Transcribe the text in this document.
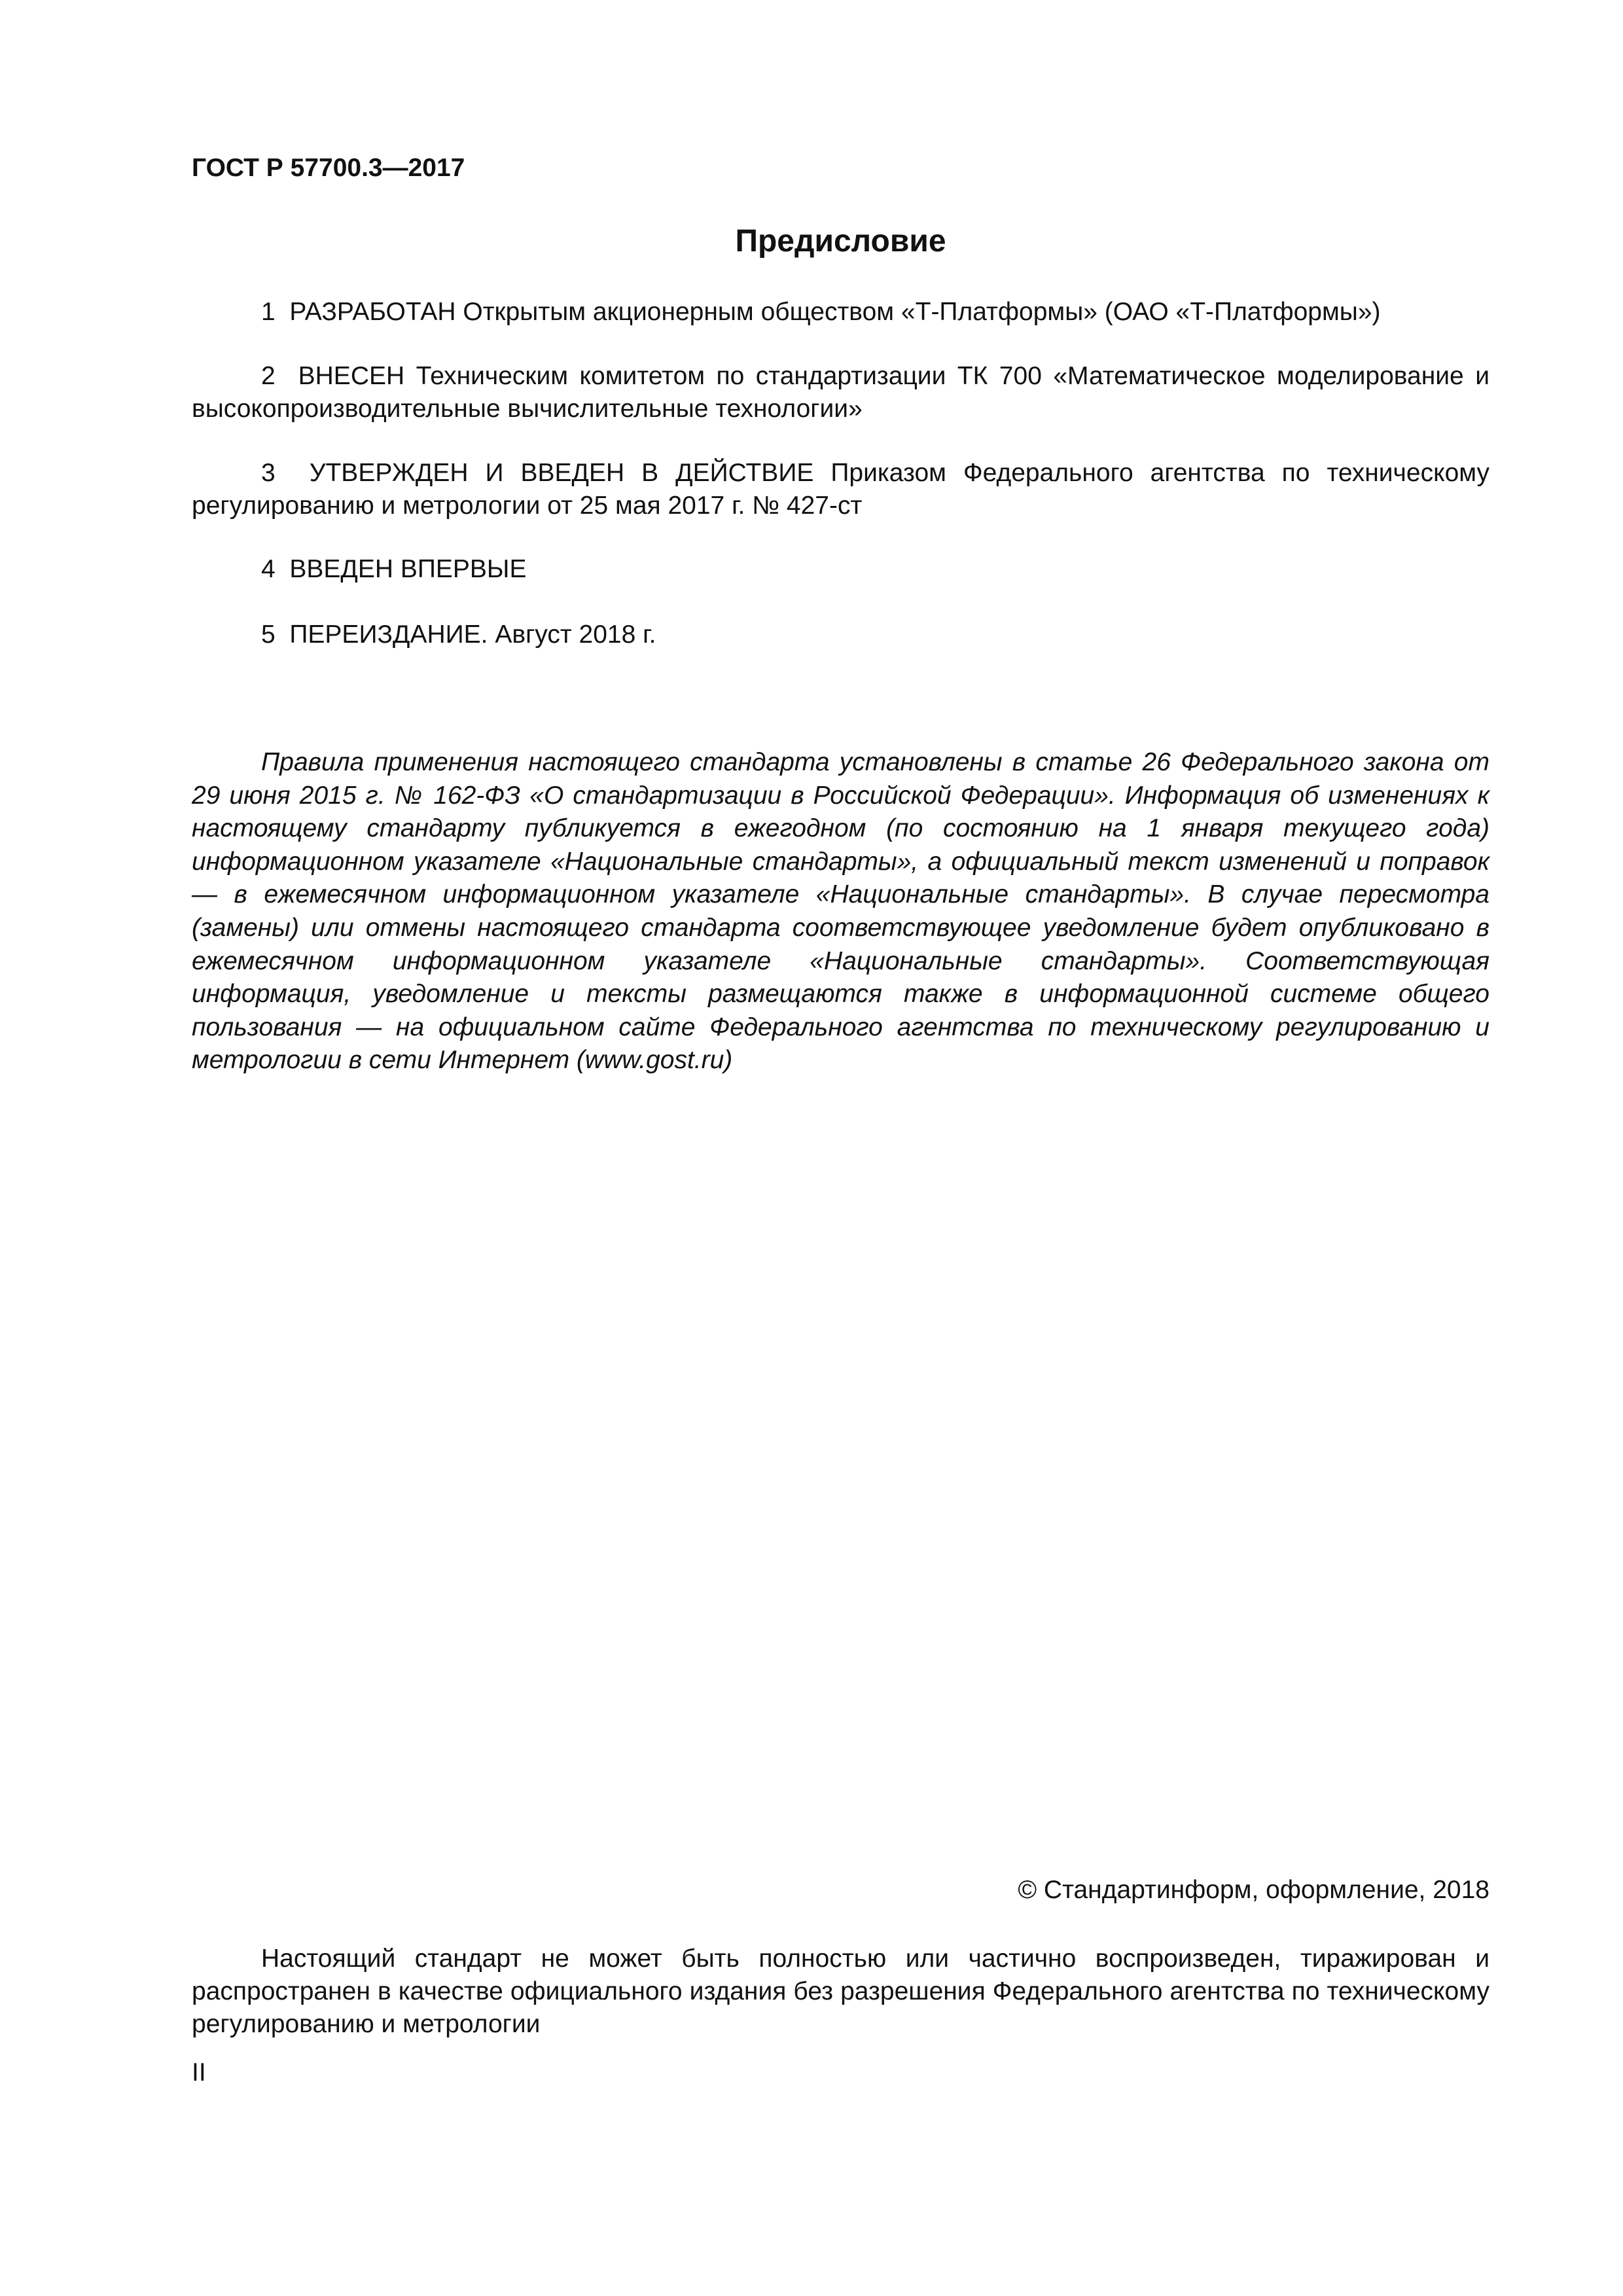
ГОСТ Р 57700.3—2017

Предисловие

1 РАЗРАБОТАН Открытым акционерным обществом «Т-Платформы» (ОАО «Т-Платформы»)

2 ВНЕСЕН Техническим комитетом по стандартизации ТК 700 «Математическое моделирование и высокопроизводительные вычислительные технологии»

3 УТВЕРЖДЕН И ВВЕДЕН В ДЕЙСТВИЕ Приказом Федерального агентства по техническому регулированию и метрологии от 25 мая 2017 г. № 427-ст

4 ВВЕДЕН ВПЕРВЫЕ

5 ПЕРЕИЗДАНИЕ. Август 2018 г.

Правила применения настоящего стандарта установлены в статье 26 Федерального закона от 29 июня 2015 г. № 162-ФЗ «О стандартизации в Российской Федерации». Информация об изменениях к настоящему стандарту публикуется в ежегодном (по состоянию на 1 января текущего года) информационном указателе «Национальные стандарты», а официальный текст изменений и поправок — в ежемесячном информационном указателе «Национальные стандарты». В случае пересмотра (замены) или отмены настоящего стандарта соответствующее уведомление будет опубликовано в ежемесячном информационном указателе «Национальные стандарты». Соответствующая информация, уведомление и тексты размещаются также в информационной системе общего пользования — на официальном сайте Федерального агентства по техническому регулированию и метрологии в сети Интернет (www.gost.ru)

© Стандартинформ, оформление, 2018

Настоящий стандарт не может быть полностью или частично воспроизведен, тиражирован и распространен в качестве официального издания без разрешения Федерального агентства по техническому регулированию и метрологии

II
